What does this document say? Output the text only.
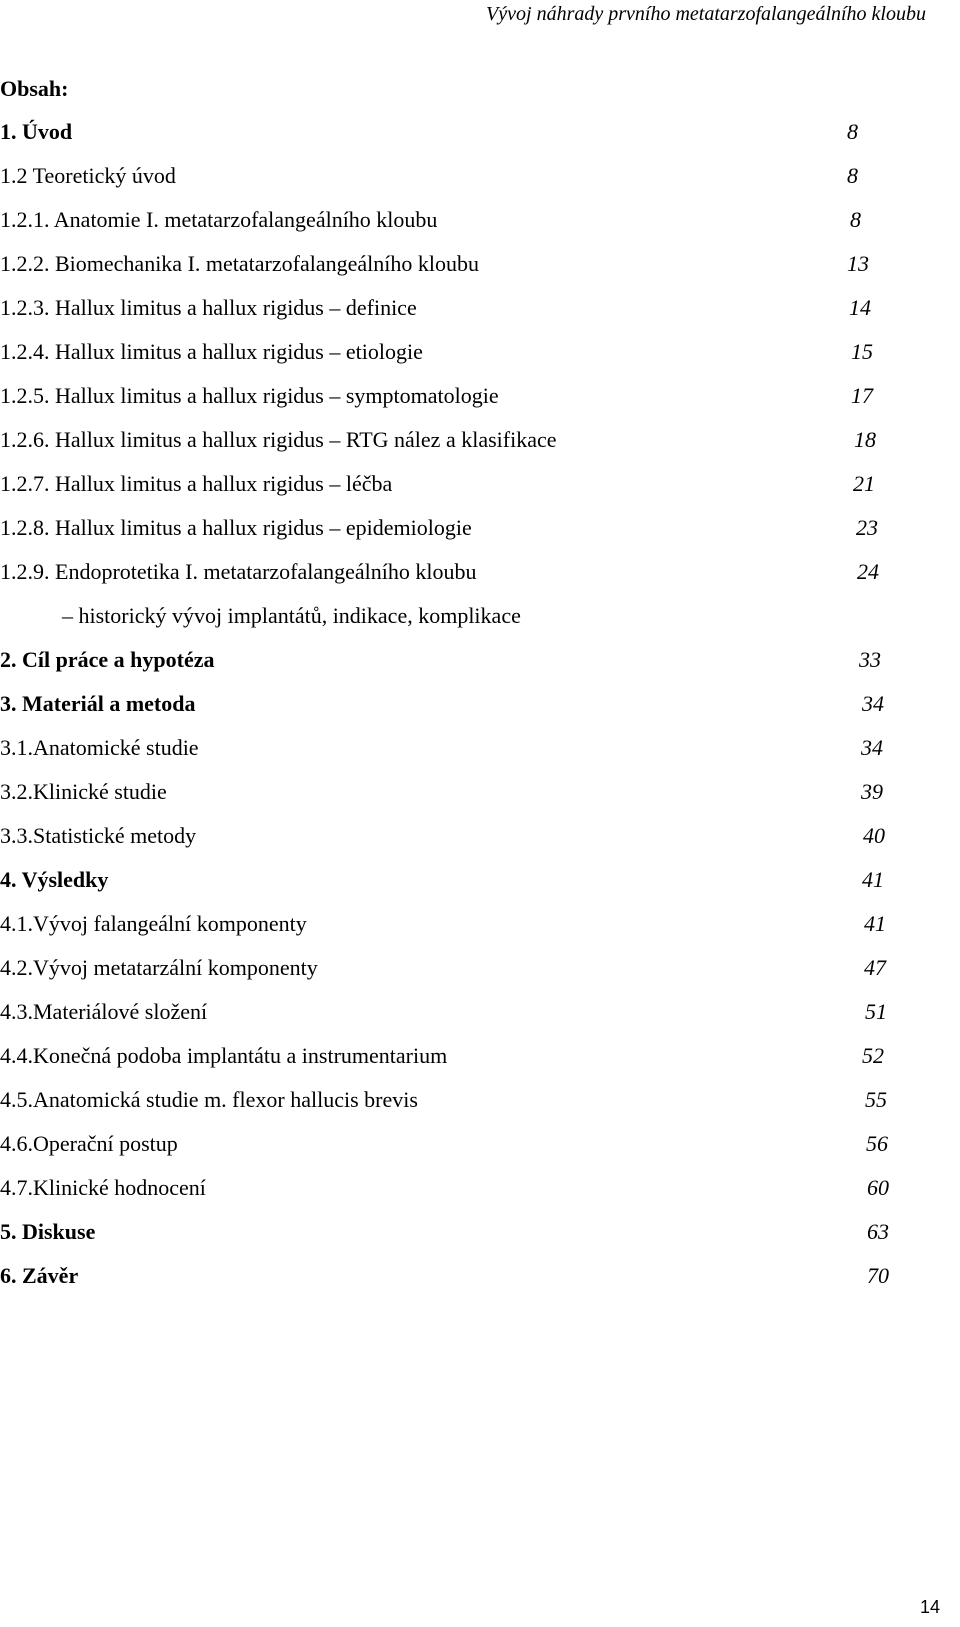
Vývoj náhrady prvního metatarzofalangeálního kloubu
Obsah:
1. Úvod	8
1.2 Teoretický úvod	8
1.2.1. Anatomie I. metatarzofalangeálního kloubu	8
1.2.2. Biomechanika I. metatarzofalangeálního kloubu	13
1.2.3. Hallux limitus a hallux rigidus – definice	14
1.2.4. Hallux limitus a hallux rigidus – etiologie	15
1.2.5. Hallux limitus a hallux rigidus – symptomatologie	17
1.2.6. Hallux limitus a hallux rigidus – RTG nález a klasifikace	18
1.2.7. Hallux limitus a hallux rigidus – léčba	21
1.2.8. Hallux limitus a hallux rigidus – epidemiologie	23
1.2.9. Endoprotetika I. metatarzofalangeálního kloubu	24
– historický vývoj implantátů, indikace, komplikace
2. Cíl práce a hypotéza	33
3. Materiál a metoda	34
3.1.Anatomické studie	34
3.2.Klinické studie	39
3.3.Statistické metody	40
4. Výsledky	41
4.1.Vývoj falangeální komponenty	41
4.2.Vývoj metatarzální komponenty	47
4.3.Materiálové složení	51
4.4.Konečná podoba implantátu a instrumentarium	52
4.5.Anatomická studie m. flexor hallucis brevis	55
4.6.Operační postup	56
4.7.Klinické hodnocení	60
5. Diskuse	63
6. Závěr	70
14
